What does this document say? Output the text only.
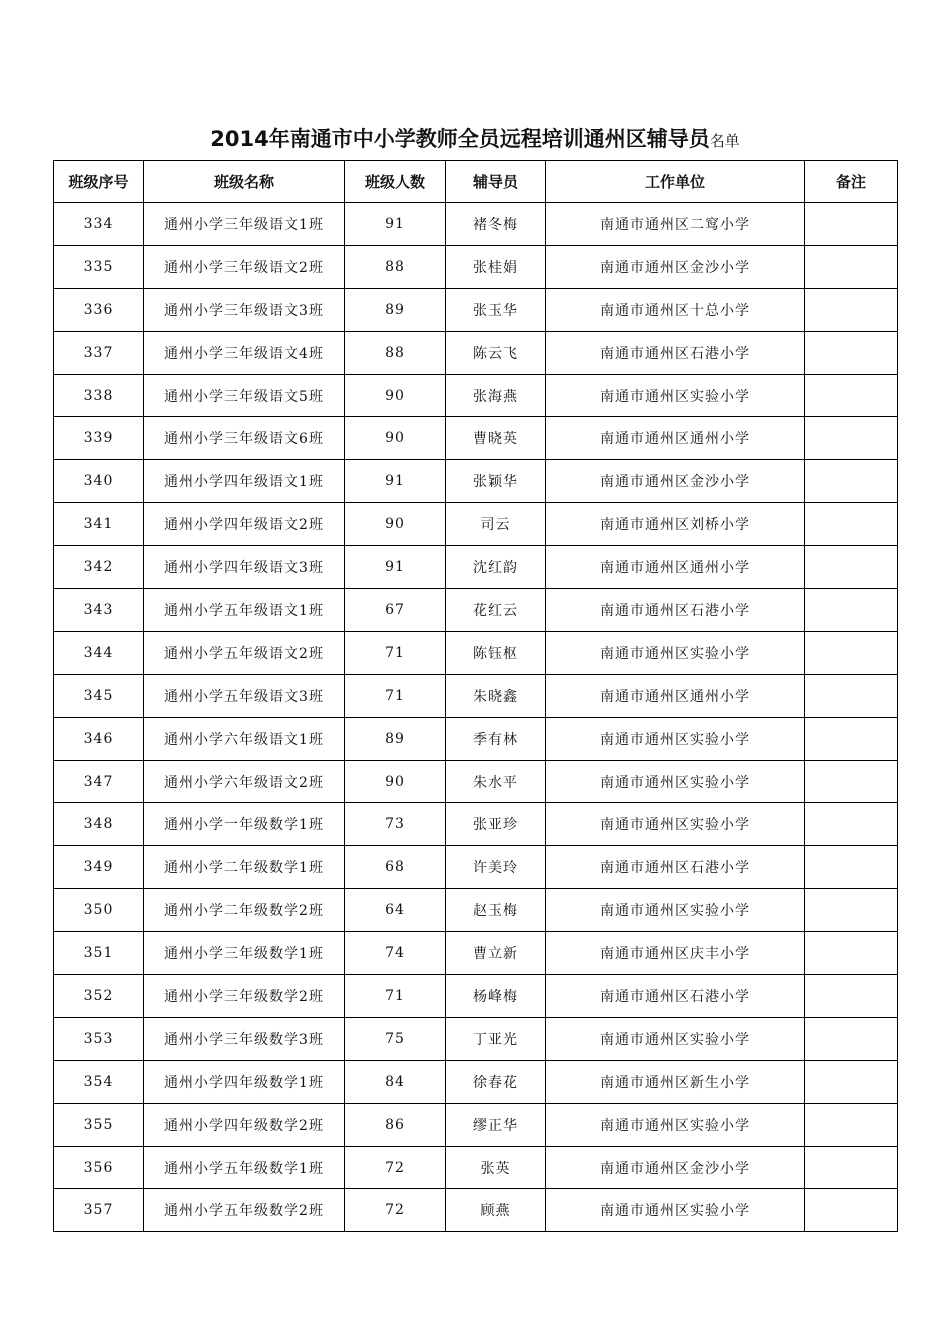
2014年南通市中小学教师全员远程培训通州区辅导员名单
班级序号	班级名称	班级人数	辅导员	工作单位	备注
334	通州小学三年级语文1班	91	褚冬梅	南通市通州区二窎小学	
335	通州小学三年级语文2班	88	张桂娟	南通市通州区金沙小学	
336	通州小学三年级语文3班	89	张玉华	南通市通州区十总小学	
337	通州小学三年级语文4班	88	陈云飞	南通市通州区石港小学	
338	通州小学三年级语文5班	90	张海燕	南通市通州区实验小学	
339	通州小学三年级语文6班	90	曹晓英	南通市通州区通州小学	
340	通州小学四年级语文1班	91	张颖华	南通市通州区金沙小学	
341	通州小学四年级语文2班	90	司云	南通市通州区刘桥小学	
342	通州小学四年级语文3班	91	沈红韵	南通市通州区通州小学	
343	通州小学五年级语文1班	67	花红云	南通市通州区石港小学	
344	通州小学五年级语文2班	71	陈钰枢	南通市通州区实验小学	
345	通州小学五年级语文3班	71	朱晓鑫	南通市通州区通州小学	
346	通州小学六年级语文1班	89	季有林	南通市通州区实验小学	
347	通州小学六年级语文2班	90	朱水平	南通市通州区实验小学	
348	通州小学一年级数学1班	73	张亚珍	南通市通州区实验小学	
349	通州小学二年级数学1班	68	许美玲	南通市通州区石港小学	
350	通州小学二年级数学2班	64	赵玉梅	南通市通州区实验小学	
351	通州小学三年级数学1班	74	曹立新	南通市通州区庆丰小学	
352	通州小学三年级数学2班	71	杨峰梅	南通市通州区石港小学	
353	通州小学三年级数学3班	75	丁亚光	南通市通州区实验小学	
354	通州小学四年级数学1班	84	徐春花	南通市通州区新生小学	
355	通州小学四年级数学2班	86	缪正华	南通市通州区实验小学	
356	通州小学五年级数学1班	72	张英	南通市通州区金沙小学	
357	通州小学五年级数学2班	72	顾燕	南通市通州区实验小学	
